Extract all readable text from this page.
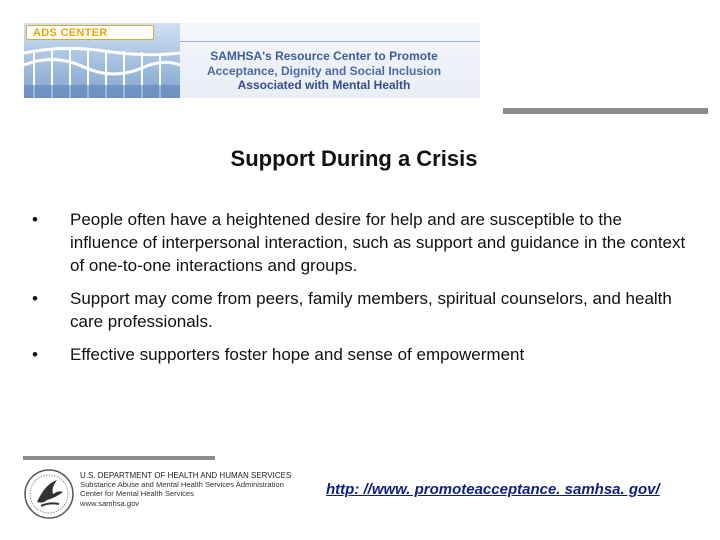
ADS CENTER
SAMHSA's Resource Center to Promote
Acceptance, Dignity and Social Inclusion
Associated with Mental Health
Support During a Crisis
•	People often have a heightened desire for help and are susceptible to the influence of interpersonal interaction, such as support and guidance in the context of one-to-one interactions and groups.
•	Support may come from peers, family members, spiritual counselors, and health care professionals.
•	Effective supporters foster hope and sense of empowerment
U.S. DEPARTMENT OF HEALTH AND HUMAN SERVICES
Substance Abuse and Mental Health Services Administration
Center for Mental Health Services
www.samhsa.gov
http: //www. promoteacceptance. samhsa. gov/
